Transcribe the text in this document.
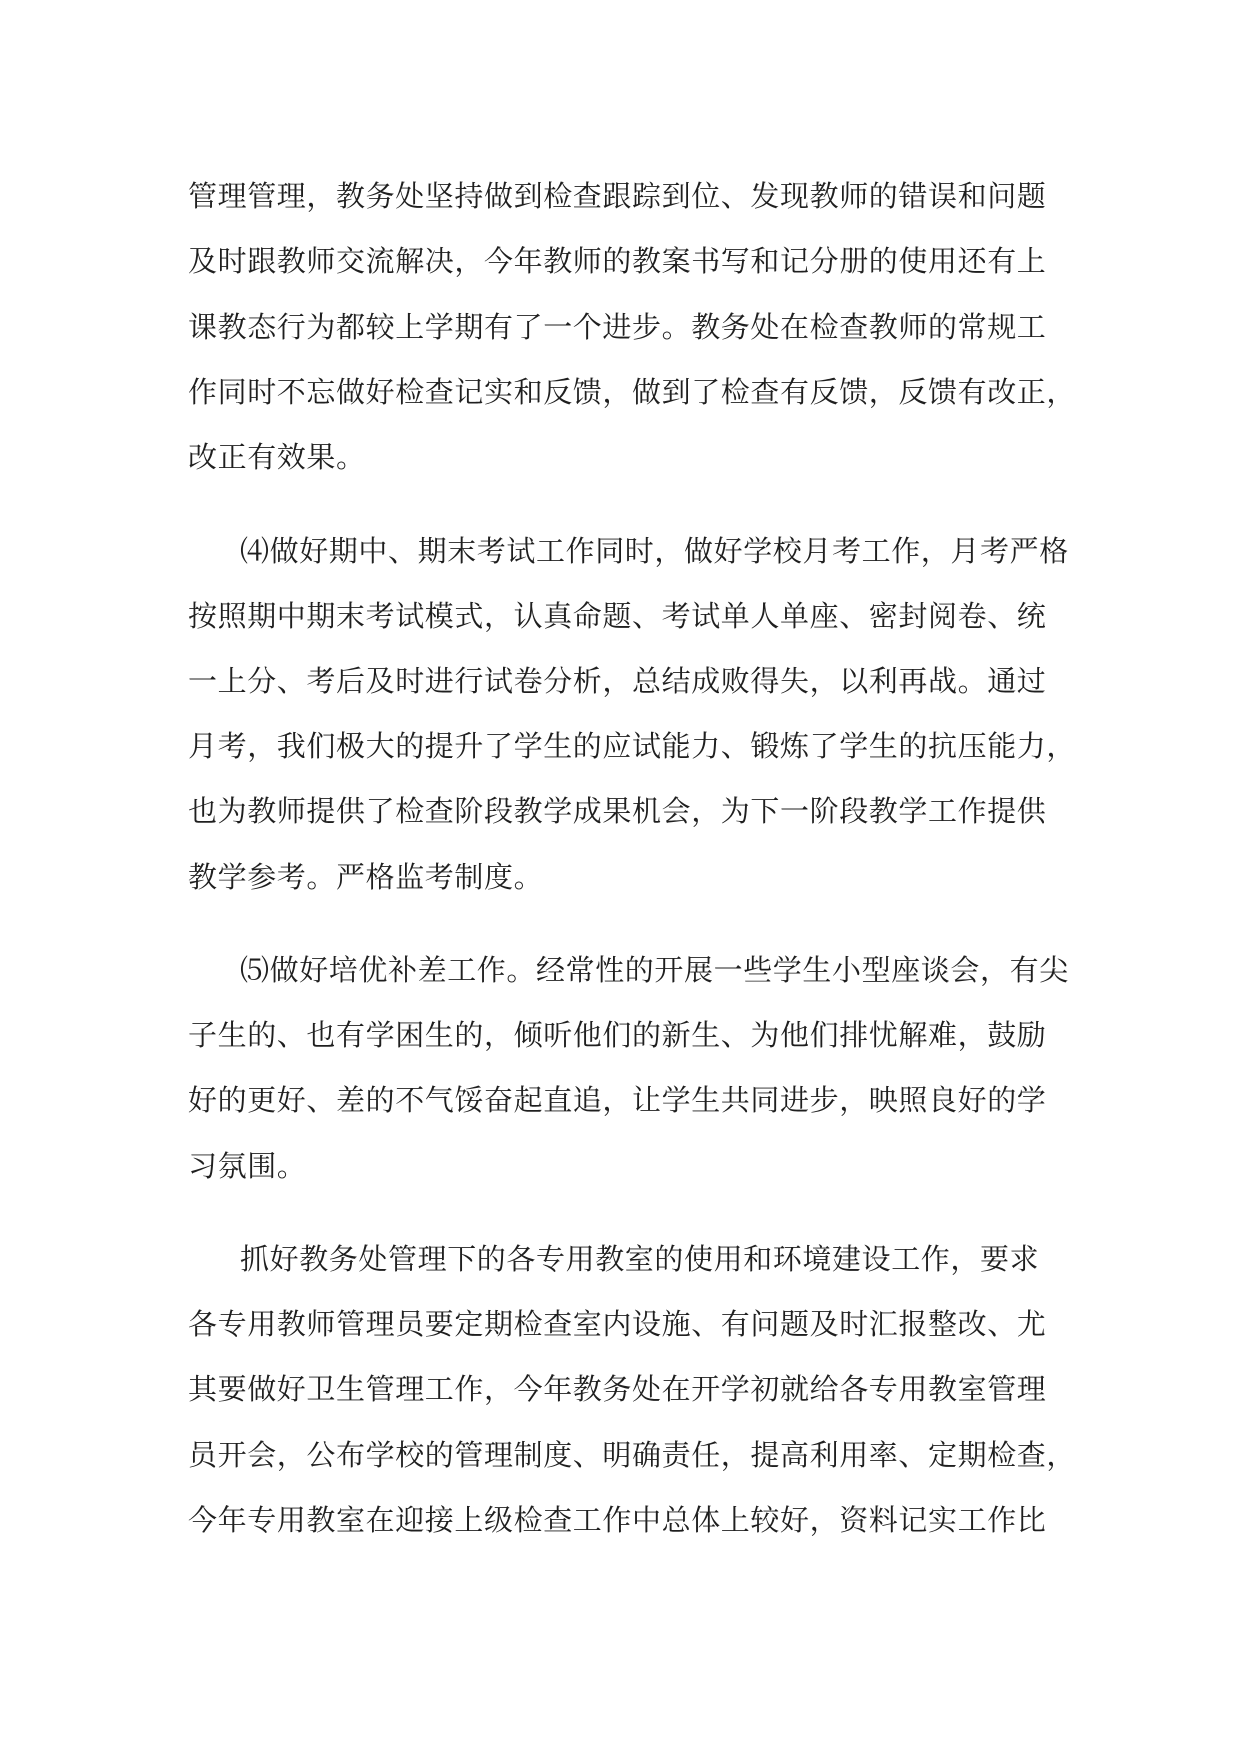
管理管理，教务处坚持做到检查跟踪到位、发现教师的错误和问题
及时跟教师交流解决，今年教师的教案书写和记分册的使用还有上
课教态行为都较上学期有了一个进步。教务处在检查教师的常规工
作同时不忘做好检查记实和反馈，做到了检查有反馈，反馈有改正，
改正有效果。
⑷做好期中、期末考试工作同时，做好学校月考工作，月考严格
按照期中期末考试模式，认真命题、考试单人单座、密封阅卷、统
一上分、考后及时进行试卷分析，总结成败得失，以利再战。通过
月考，我们极大的提升了学生的应试能力、锻炼了学生的抗压能力，
也为教师提供了检查阶段教学成果机会，为下一阶段教学工作提供
教学参考。严格监考制度。
⑸做好培优补差工作。经常性的开展一些学生小型座谈会，有尖
子生的、也有学困生的，倾听他们的新生、为他们排忧解难，鼓励
好的更好、差的不气馁奋起直追，让学生共同进步，映照良好的学
习氛围。
抓好教务处管理下的各专用教室的使用和环境建设工作，要求
各专用教师管理员要定期检查室内设施、有问题及时汇报整改、尤
其要做好卫生管理工作，今年教务处在开学初就给各专用教室管理
员开会，公布学校的管理制度、明确责任，提高利用率、定期检查，
今年专用教室在迎接上级检查工作中总体上较好，资料记实工作比
